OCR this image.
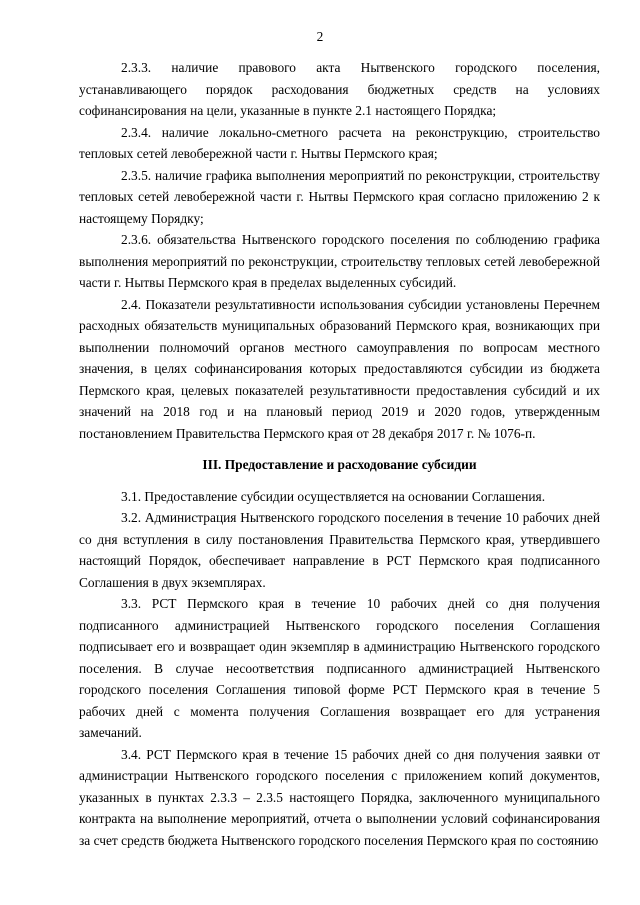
2

2.3.3. наличие правового акта Нытвенского городского поселения, устанавливающего порядок расходования бюджетных средств на условиях софинансирования на цели, указанные в пункте 2.1 настоящего Порядка;

2.3.4. наличие локально-сметного расчета на реконструкцию, строительство тепловых сетей левобережной части г. Нытвы Пермского края;

2.3.5. наличие графика выполнения мероприятий по реконструкции, строительству тепловых сетей левобережной части г. Нытвы Пермского края согласно приложению 2 к настоящему Порядку;

2.3.6. обязательства Нытвенского городского поселения по соблюдению графика выполнения мероприятий по реконструкции, строительству тепловых сетей левобережной части г. Нытвы Пермского края в пределах выделенных субсидий.

2.4. Показатели результативности использования субсидии установлены Перечнем расходных обязательств муниципальных образований Пермского края, возникающих при выполнении полномочий органов местного самоуправления по вопросам местного значения, в целях софинансирования которых предоставляются субсидии из бюджета Пермского края, целевых показателей результативности предоставления субсидий и их значений на 2018 год и на плановый период 2019 и 2020 годов, утвержденным постановлением Правительства Пермского края от 28 декабря 2017 г. № 1076-п.

III. Предоставление и расходование субсидии

3.1. Предоставление субсидии осуществляется на основании Соглашения.

3.2. Администрация Нытвенского городского поселения в течение 10 рабочих дней со дня вступления в силу постановления Правительства Пермского края, утвердившего настоящий Порядок, обеспечивает направление в РСТ Пермского края подписанного Соглашения в двух экземплярах.

3.3. РСТ Пермского края в течение 10 рабочих дней со дня получения подписанного администрацией Нытвенского городского поселения Соглашения подписывает его и возвращает один экземпляр в администрацию Нытвенского городского поселения. В случае несоответствия подписанного администрацией Нытвенского городского поселения Соглашения типовой форме РСТ Пермского края в течение 5 рабочих дней с момента получения Соглашения возвращает его для устранения замечаний.

3.4. РСТ Пермского края в течение 15 рабочих дней со дня получения заявки от администрации Нытвенского городского поселения с приложением копий документов, указанных в пунктах 2.3.3 – 2.3.5 настоящего Порядка, заключенного муниципального контракта на выполнение мероприятий, отчета о выполнении условий софинансирования за счет средств бюджета Нытвенского городского поселения Пермского края по состоянию
